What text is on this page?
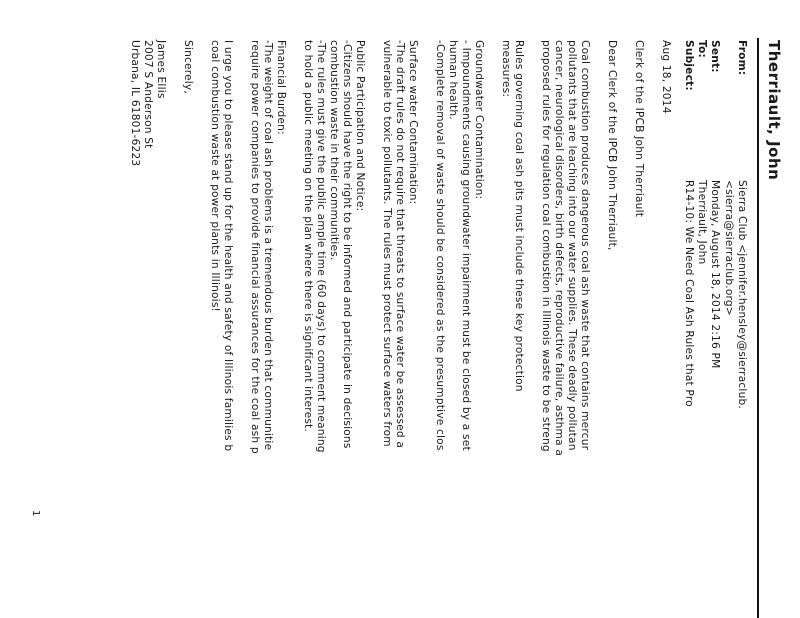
Therriault, John
From:
Sierra Club <jennifer.hensley@sierraclub.
<sierra@sierraclub.org>
Sent:
Monday, August 18, 2014 2:16 PM
To:
Therriault, John
Subject:
R14-10: We Need Coal Ash Rules that Pro
Aug 18, 2014
Clerk of the IPCB John Therriault
Dear Clerk of the IPCB John Therriault,
Coal combustion produces dangerous coal ash waste that contains mercur
pollutants that are leaching into our water supplies. These deadly pollutan
cancer, neurological disorders, birth defects, reproductive failure, asthma a
proposed rules for regulation coal combustion in Illinois waste to be streng
Rules governing coal ash pits must include these key protection
measures:
Groundwater Contamination:
- Impoundments causing groundwater impairment must be closed by a set
human health.
-Complete removal of waste should be considered as the presumptive clos
Surface water Contamination:
-The draft rules do not require that threats to surface water be assessed a
vulnerable to toxic pollutants. The rules must protect surface waters from
Public Participation and Notice:
-Citizens should have the right to be informed and participate in decisions
combustion waste in their communities.
-The rules must give the public ample time (60 days) to comment meaning
to hold a public meeting on the plan where there is significant interest.
Financial Burden:
-The weight of coal ash problems is a tremendous burden that communitie
require power companies to provide financial assurances for the coal ash p
I urge you to please stand up for the health and safety of Illinois families b
coal combustion waste at power plants in Illinois!
Sincerely,
James Ellis
2007 S Anderson St
Urbana, IL 61801-6223
1
